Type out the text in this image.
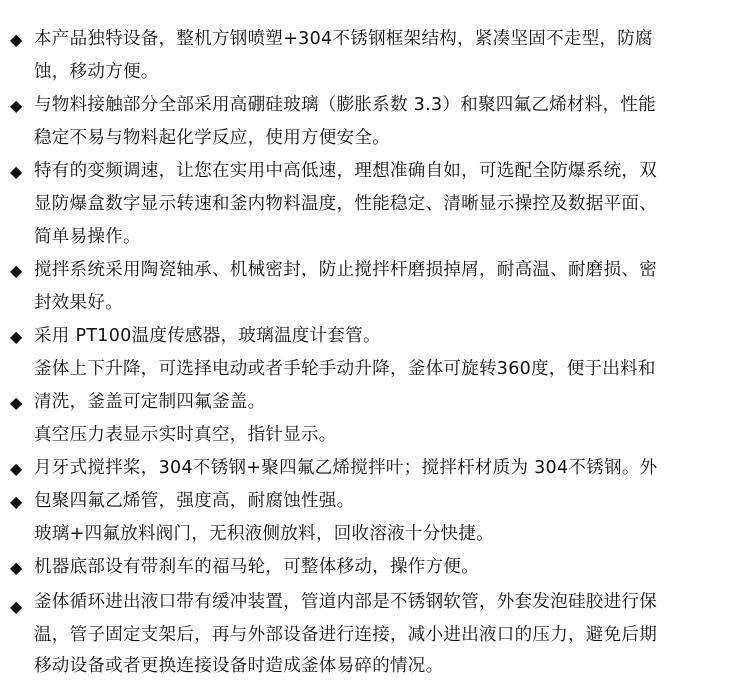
◆ 本产品独特设备，整机方钢喷塑+304不锈钢框架结构，紧凑坚固不走型，防腐
蚀，移动方便。
◆ 与物料接触部分全部采用高硼硅玻璃（膨胀系数 3.3）和聚四氟乙烯材料，性能
稳定不易与物料起化学反应，使用方便安全。
◆ 特有的变频调速，让您在实用中高低速，理想准确自如，可选配全防爆系统，双
显防爆盒数字显示转速和釜内物料温度，性能稳定、清晰显示操控及数据平面、
简单易操作。
◆ 搅拌系统采用陶瓷轴承、机械密封，防止搅拌杆磨损掉屑，耐高温、耐磨损、密
封效果好。
◆ 采用 PT100温度传感器，玻璃温度计套管。
釜体上下升降，可选择电动或者手轮手动升降，釜体可旋转360度，便于出料和
◆ 清洗，釜盖可定制四氟釜盖。
真空压力表显示实时真空，指针显示。
◆ 月牙式搅拌桨，304不锈钢+聚四氟乙烯搅拌叶；搅拌杆材质为 304不锈钢。外
◆ 包聚四氟乙烯管，强度高，耐腐蚀性强。
玻璃+四氟放料阀门，无积液侧放料，回收溶液十分快捷。
◆ 机器底部设有带刹车的福马轮，可整体移动，操作方便。
◆ 釜体循环进出液口带有缓冲装置，管道内部是不锈钢软管，外套发泡硅胶进行保
温，管子固定支架后，再与外部设备进行连接，减小进出液口的压力，避免后期
移动设备或者更换连接设备时造成釜体易碎的情况。
